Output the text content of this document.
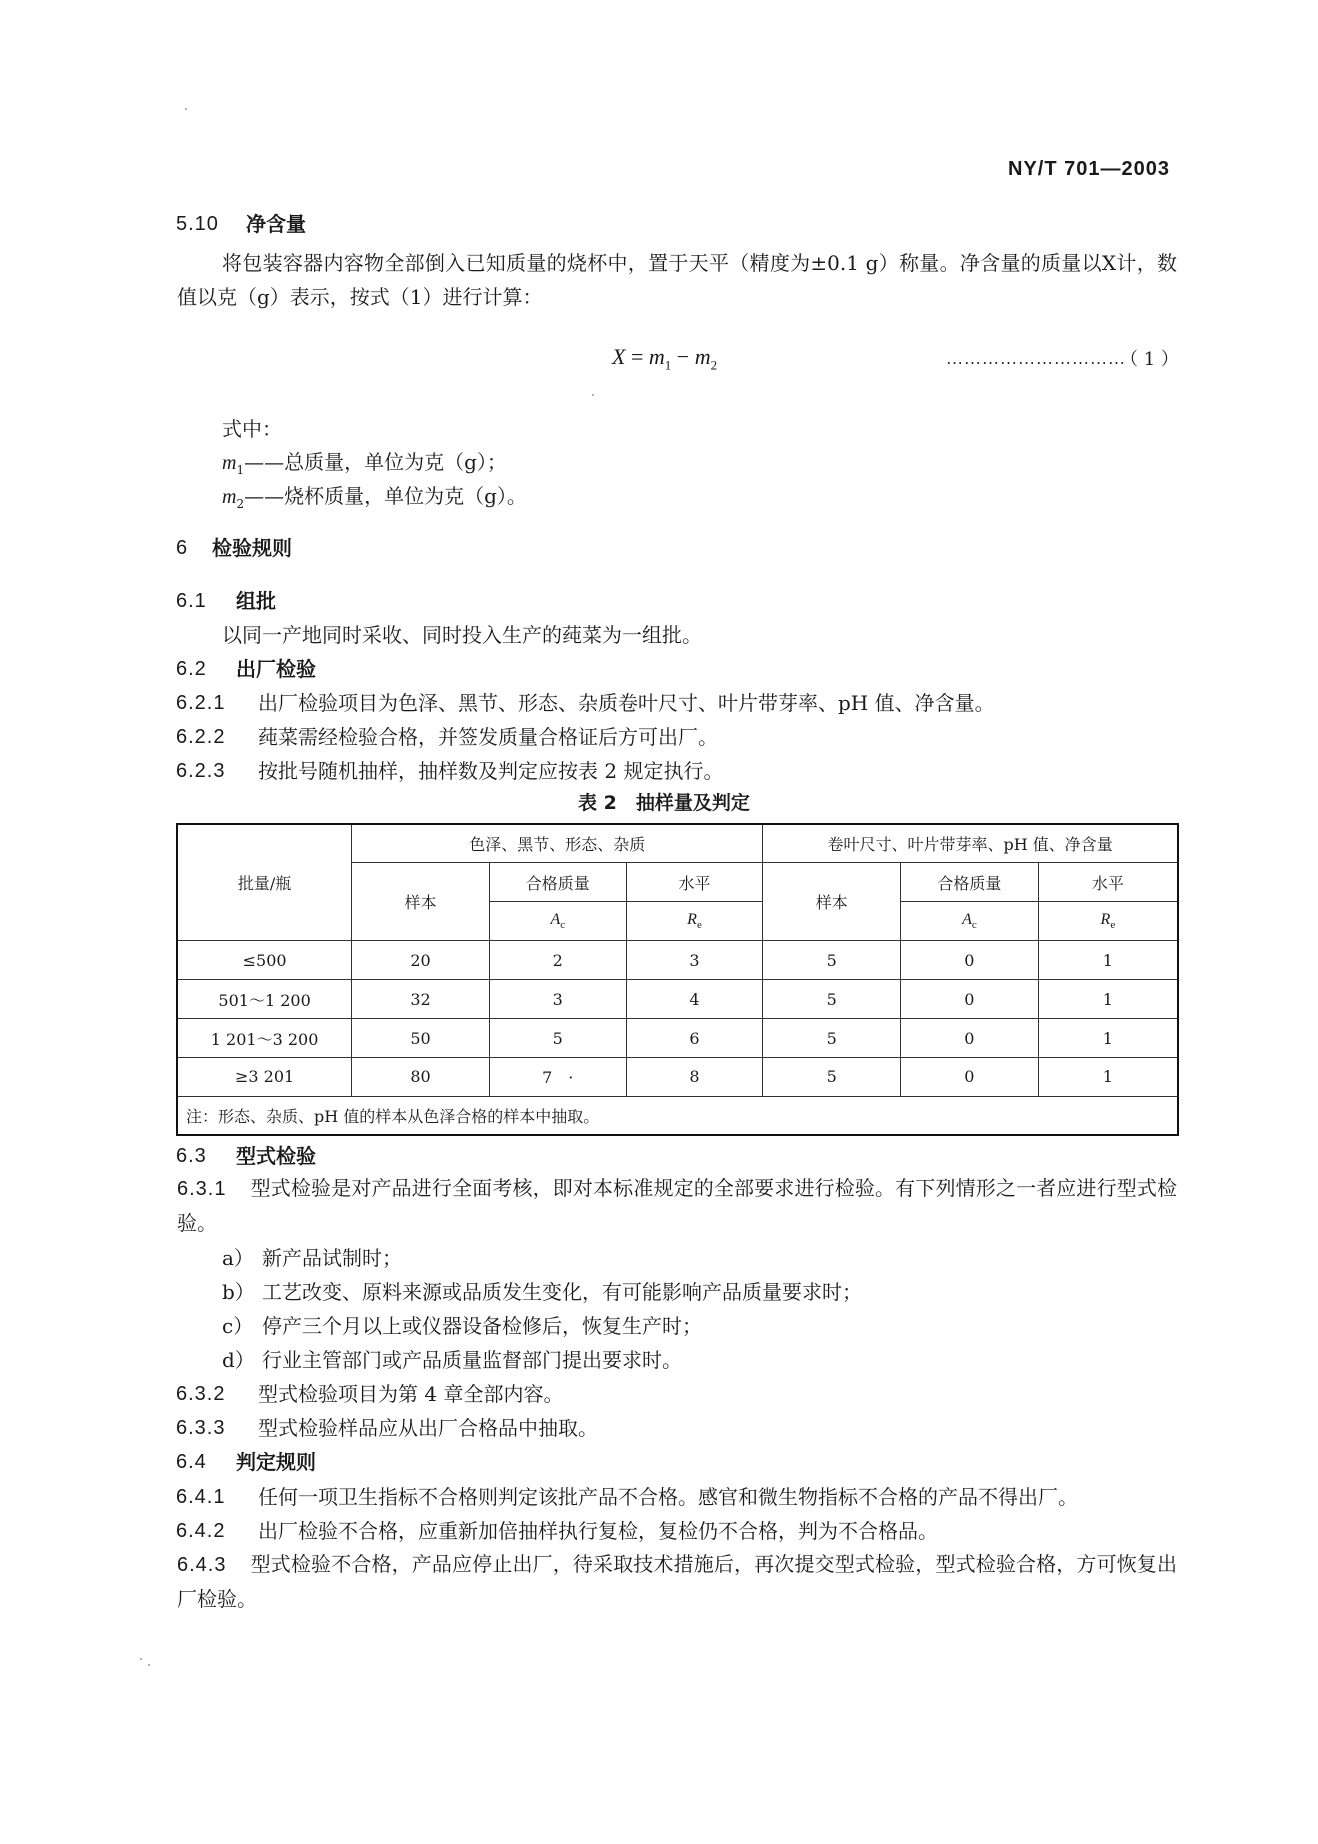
NY/T 701—2003
5.10 净含量
将包装容器内容物全部倒入已知质量的烧杯中，置于天平（精度为±0.1 g）称量。净含量的质量以X计，数值以克（g）表示，按式（1）进行计算：
$X = m_1 - m_2$	…………………………
（ 1 ）
式中：
$m_1——$总质量，单位为克（g）；
$m_2——$烧杯质量，单位为克（g）。
6 检验规则
6.1 组批
以同一产地同时采收、同时投入生产的莼菜为一组批。
6.2 出厂检验
6.2.1 出厂检验项目为色泽、黑节、形态、杂质卷叶尺寸、叶片带芽率、pH 值、净含量。
6.2.2 莼菜需经检验合格，并签发质量合格证后方可出厂。
6.2.3 按批号随机抽样，抽样数及判定应按表 2 规定执行。
表 2　抽样量及判定
批量/瓶	色泽、黑节、形态、杂质			卷叶尺寸、叶片带芽率、pH 值、净含量		
	样本	合格质量	水平	样本	合格质量	水平
		$A_c$	$R_e$		$A_c$	$R_e$
≤500	20	2	3	5	0	1
501～1 200	32	3	4	5	0	1
1 201～3 200	50	5	6	5	0	1
≥3 201	80	7　·	8	5	0	1
注：形态、杂质、pH 值的样本从色泽合格的样本中抽取。						
6.3 型式检验
6.3.1 型式检验是对产品进行全面考核，即对本标准规定的全部要求进行检验。有下列情形之一者应进行型式检验。
a） 新产品试制时；
b） 工艺改变、原料来源或品质发生变化，有可能影响产品质量要求时；
c） 停产三个月以上或仪器设备检修后，恢复生产时；
d） 行业主管部门或产品质量监督部门提出要求时。
6.3.2 型式检验项目为第 4 章全部内容。
6.3.3 型式检验样品应从出厂合格品中抽取。
6.4 判定规则
6.4.1 任何一项卫生指标不合格则判定该批产品不合格。感官和微生物指标不合格的产品不得出厂。
6.4.2 出厂检验不合格，应重新加倍抽样执行复检，复检仍不合格，判为不合格品。
6.4.3 型式检验不合格，产品应停止出厂，待采取技术措施后，再次提交型式检验，型式检验合格，方可恢复出厂检验。
